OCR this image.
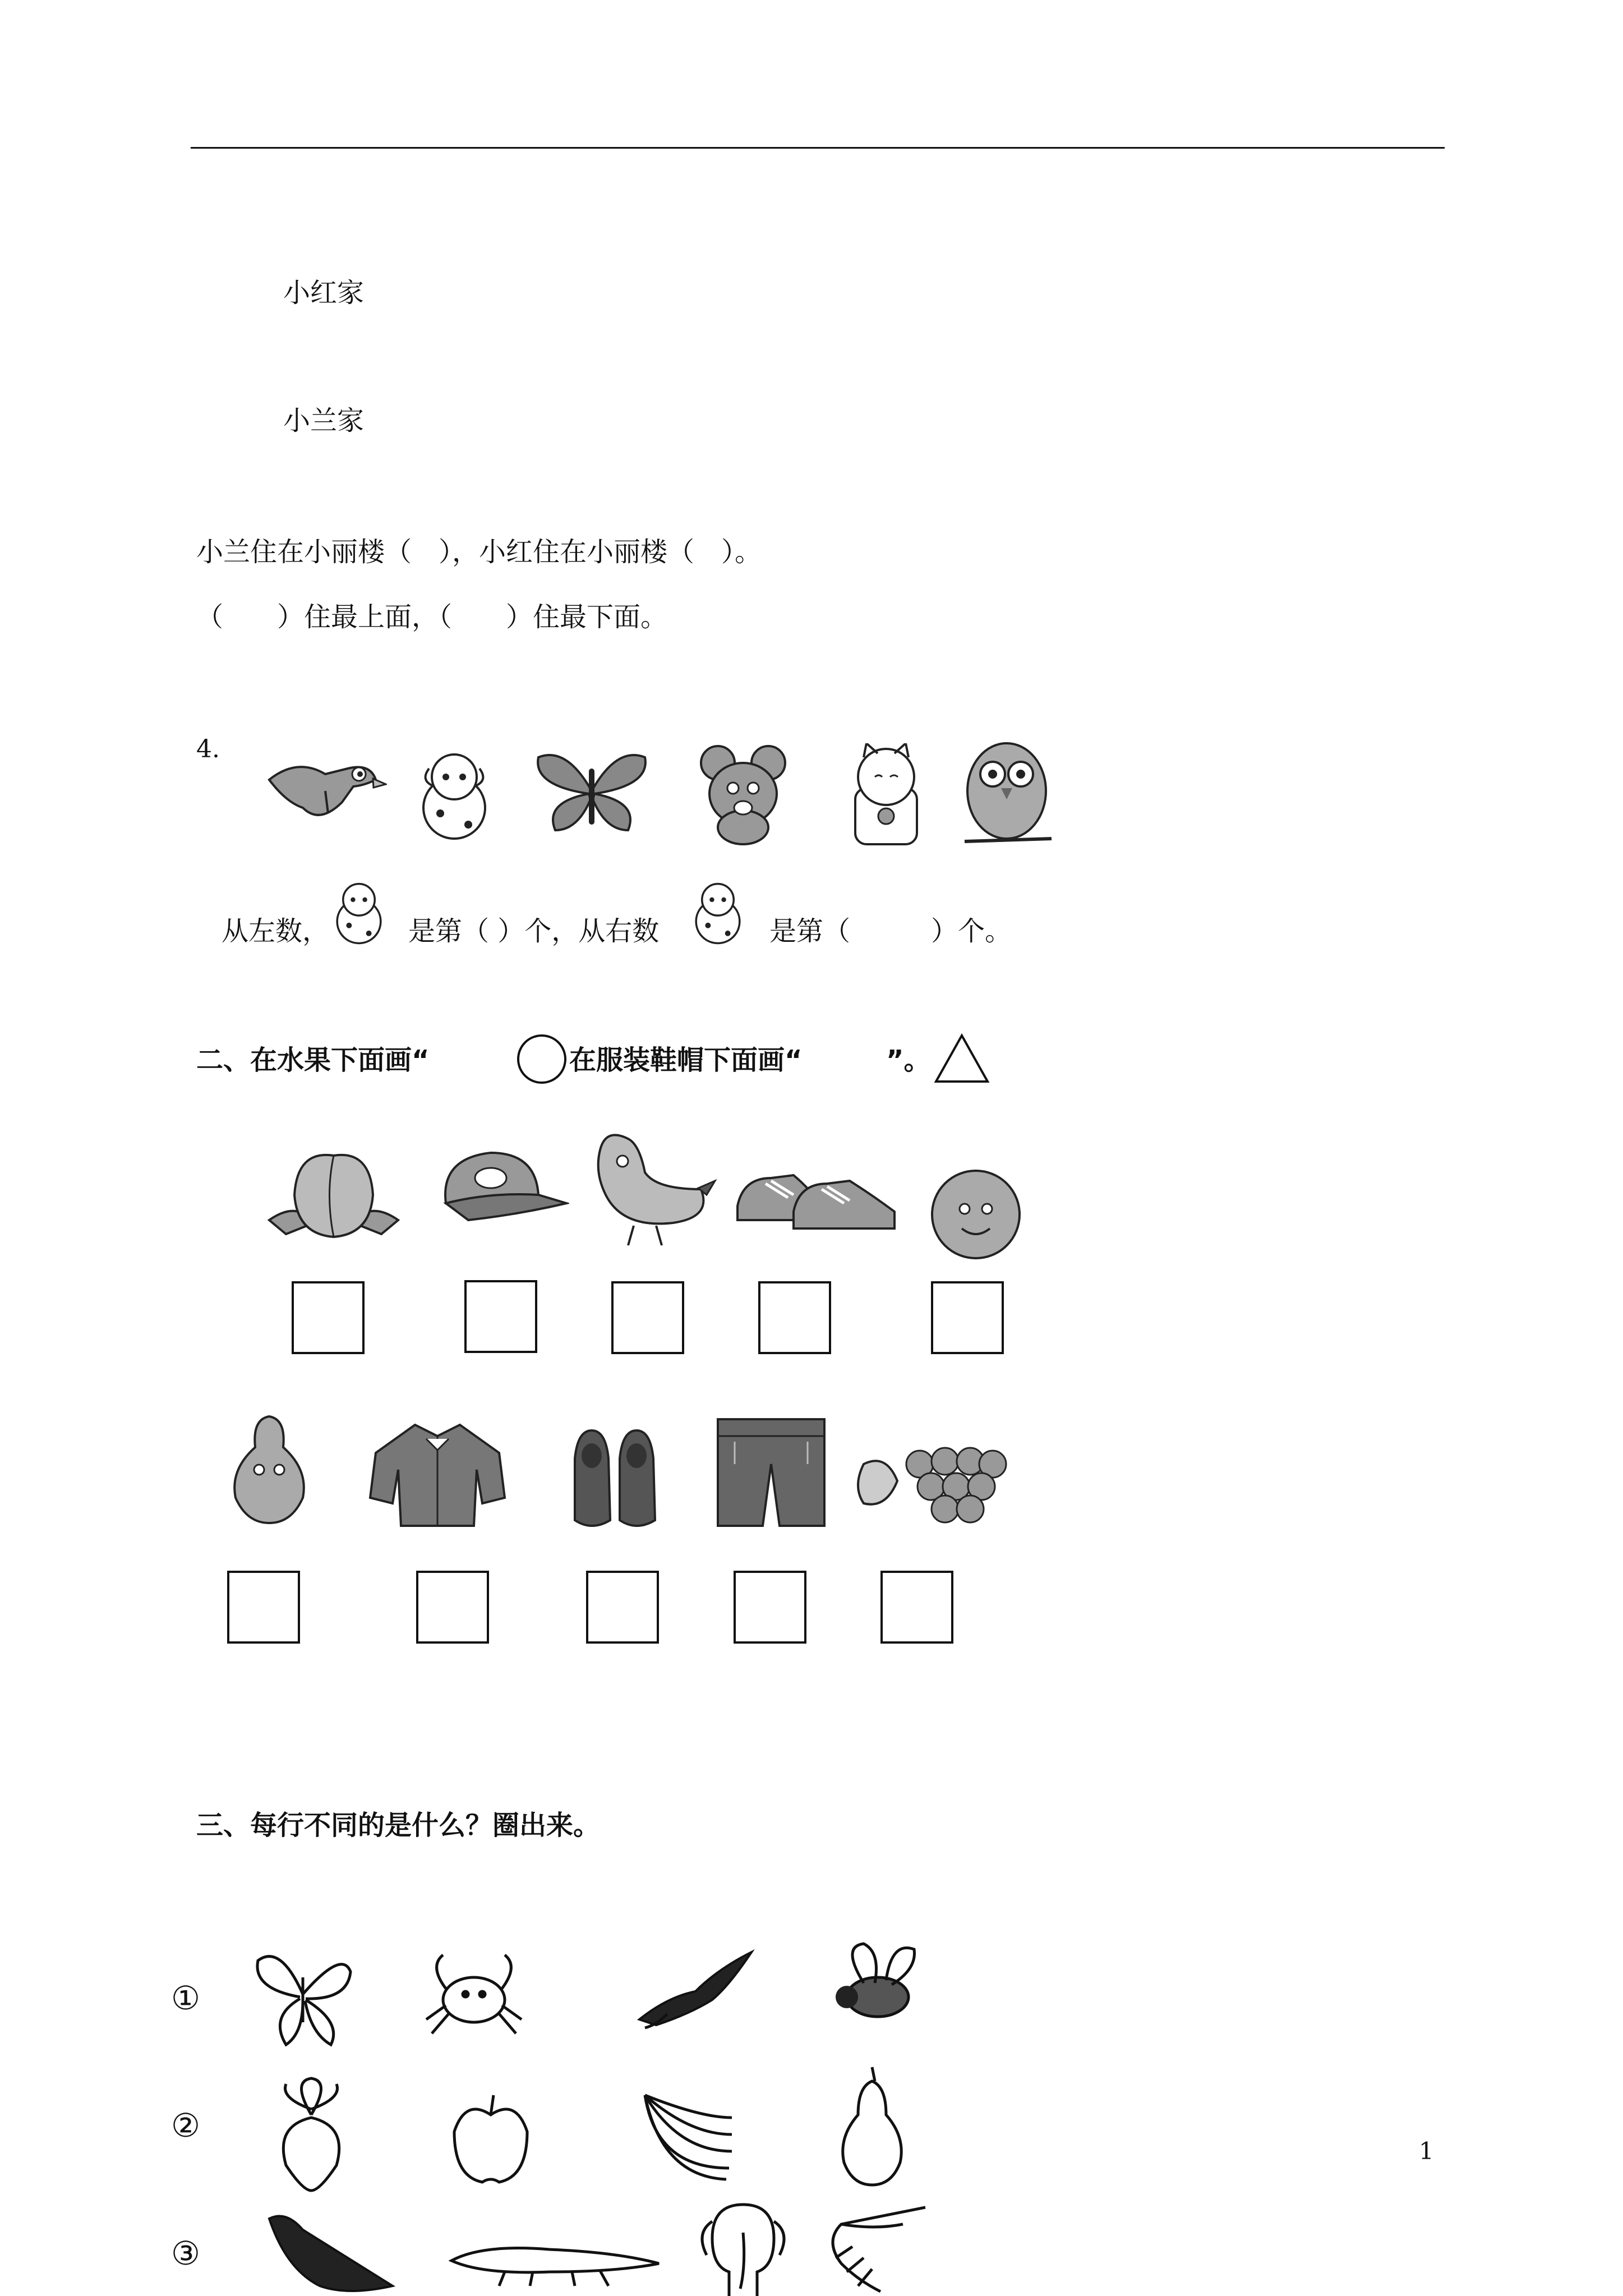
小红家
小兰家
小兰住在小丽楼（　），小红住在小丽楼（　）。
（　　）住最上面，（　　）住最下面。
4.
从左数，	是第（ ）个，从右数	是第（　　　）个。
二、在水果下面画“	在服装鞋帽下面画“	”。
三、每行不同的是什么？圈出来。
①
②
③
1
